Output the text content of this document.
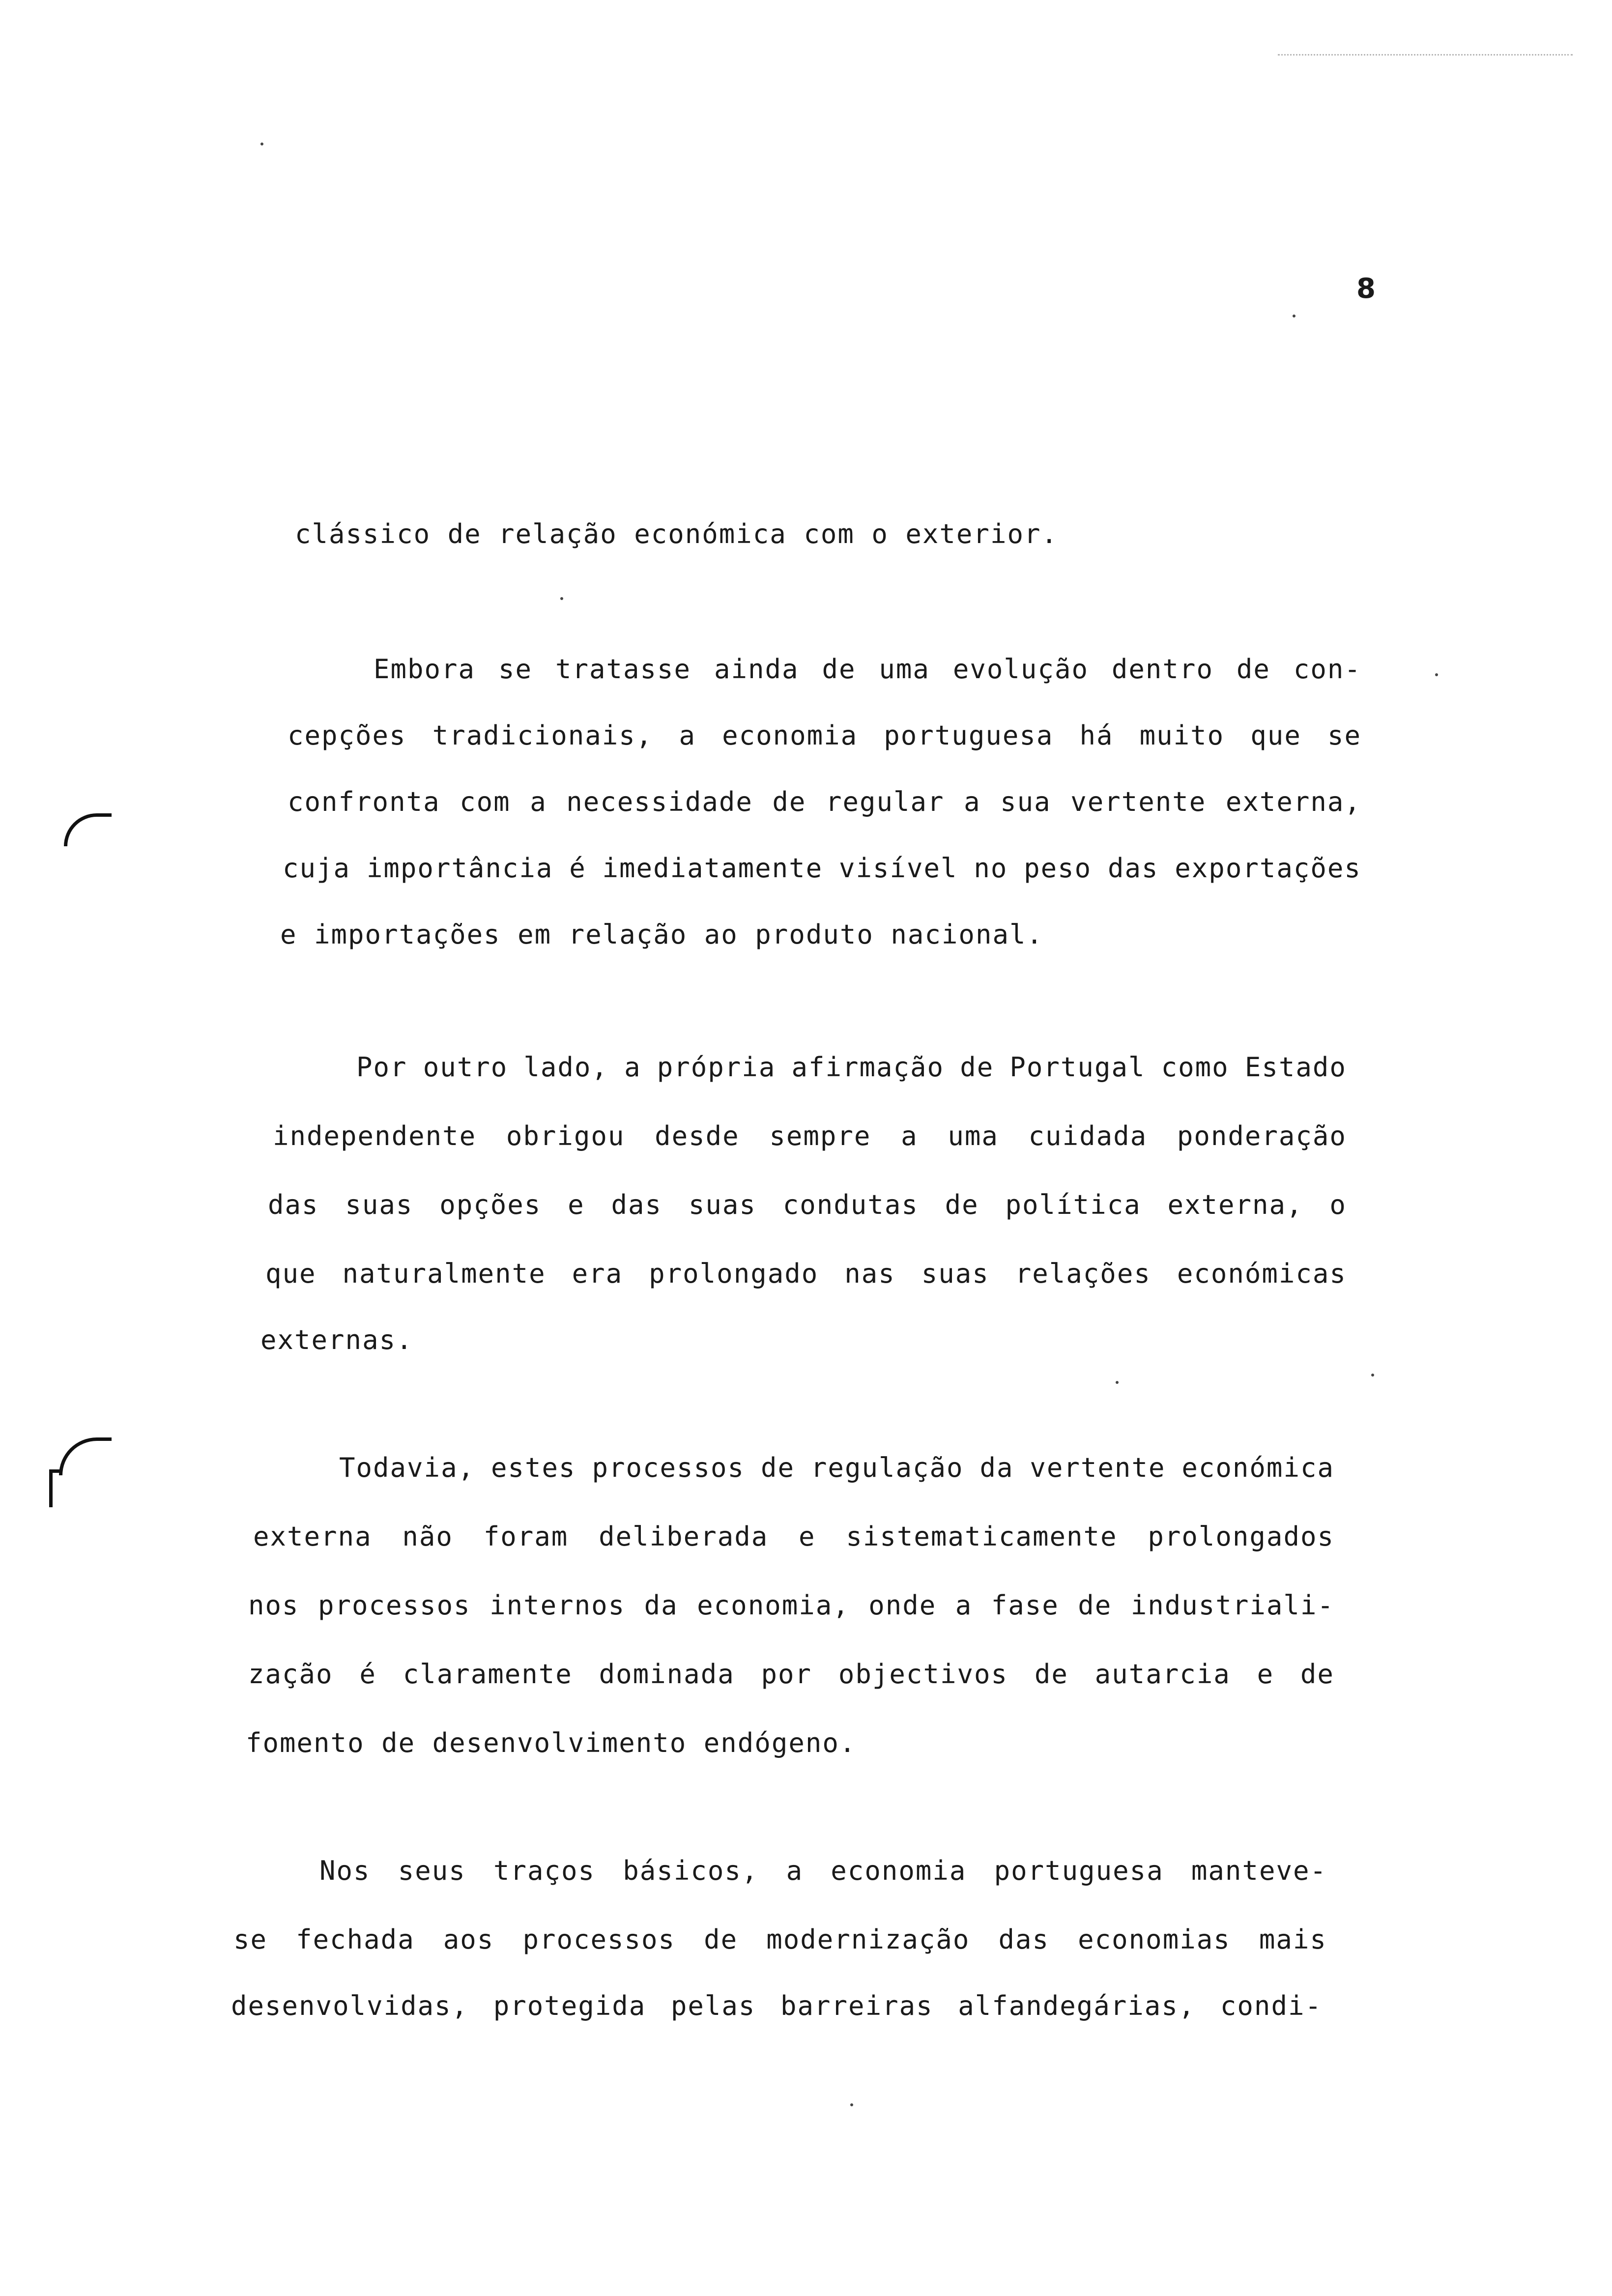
8
clássico de relação económica com o exterior.
Embora se tratasse ainda de uma evolução dentro de con-
cepções tradicionais, a economia portuguesa há muito que se
confronta com a necessidade de regular a sua vertente externa,
cuja importância é imediatamente visível no peso das exportações
e importações em relação ao produto nacional.
Por outro lado, a própria afirmação de Portugal como Estado
independente obrigou desde sempre a uma cuidada ponderação
das suas opções e das suas condutas de política externa, o
que naturalmente era prolongado nas suas relações económicas
externas.
Todavia, estes processos de regulação da vertente económica
externa não foram deliberada e sistematicamente prolongados
nos processos internos da economia, onde a fase de industriali-
zação é claramente dominada por objectivos de autarcia e de
fomento de desenvolvimento endógeno.
Nos seus traços básicos, a economia portuguesa manteve-
se fechada aos processos de modernização das economias mais
desenvolvidas, protegida pelas barreiras alfandegárias, condi-
